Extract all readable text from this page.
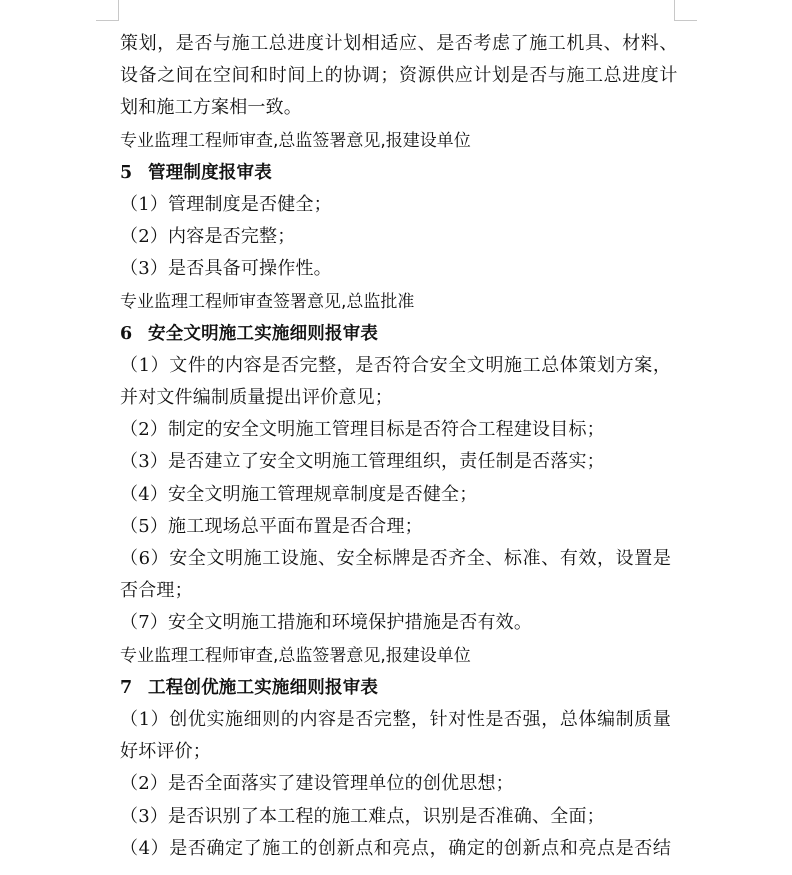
策划，是否与施工总进度计划相适应、是否考虑了施工机具、材料、
设备之间在空间和时间上的协调；资源供应计划是否与施工总进度计
划和施工方案相一致。
专业监理工程师审查,总监签署意见,报建设单位
5 管理制度报审表
（1）管理制度是否健全；
（2）内容是否完整；
（3）是否具备可操作性。
专业监理工程师审查签署意见,总监批准
6 安全文明施工实施细则报审表
（1）文件的内容是否完整，是否符合安全文明施工总体策划方案，
并对文件编制质量提出评价意见；
（2）制定的安全文明施工管理目标是否符合工程建设目标；
（3）是否建立了安全文明施工管理组织，责任制是否落实；
（4）安全文明施工管理规章制度是否健全；
（5）施工现场总平面布置是否合理；
（6）安全文明施工设施、安全标牌是否齐全、标准、有效，设置是
否合理；
（7）安全文明施工措施和环境保护措施是否有效。
专业监理工程师审查,总监签署意见,报建设单位
7 工程创优施工实施细则报审表
（1）创优实施细则的内容是否完整，针对性是否强，总体编制质量
好坏评价；
（2）是否全面落实了建设管理单位的创优思想；
（3）是否识别了本工程的施工难点，识别是否准确、全面；
（4）是否确定了施工的创新点和亮点，确定的创新点和亮点是否结
